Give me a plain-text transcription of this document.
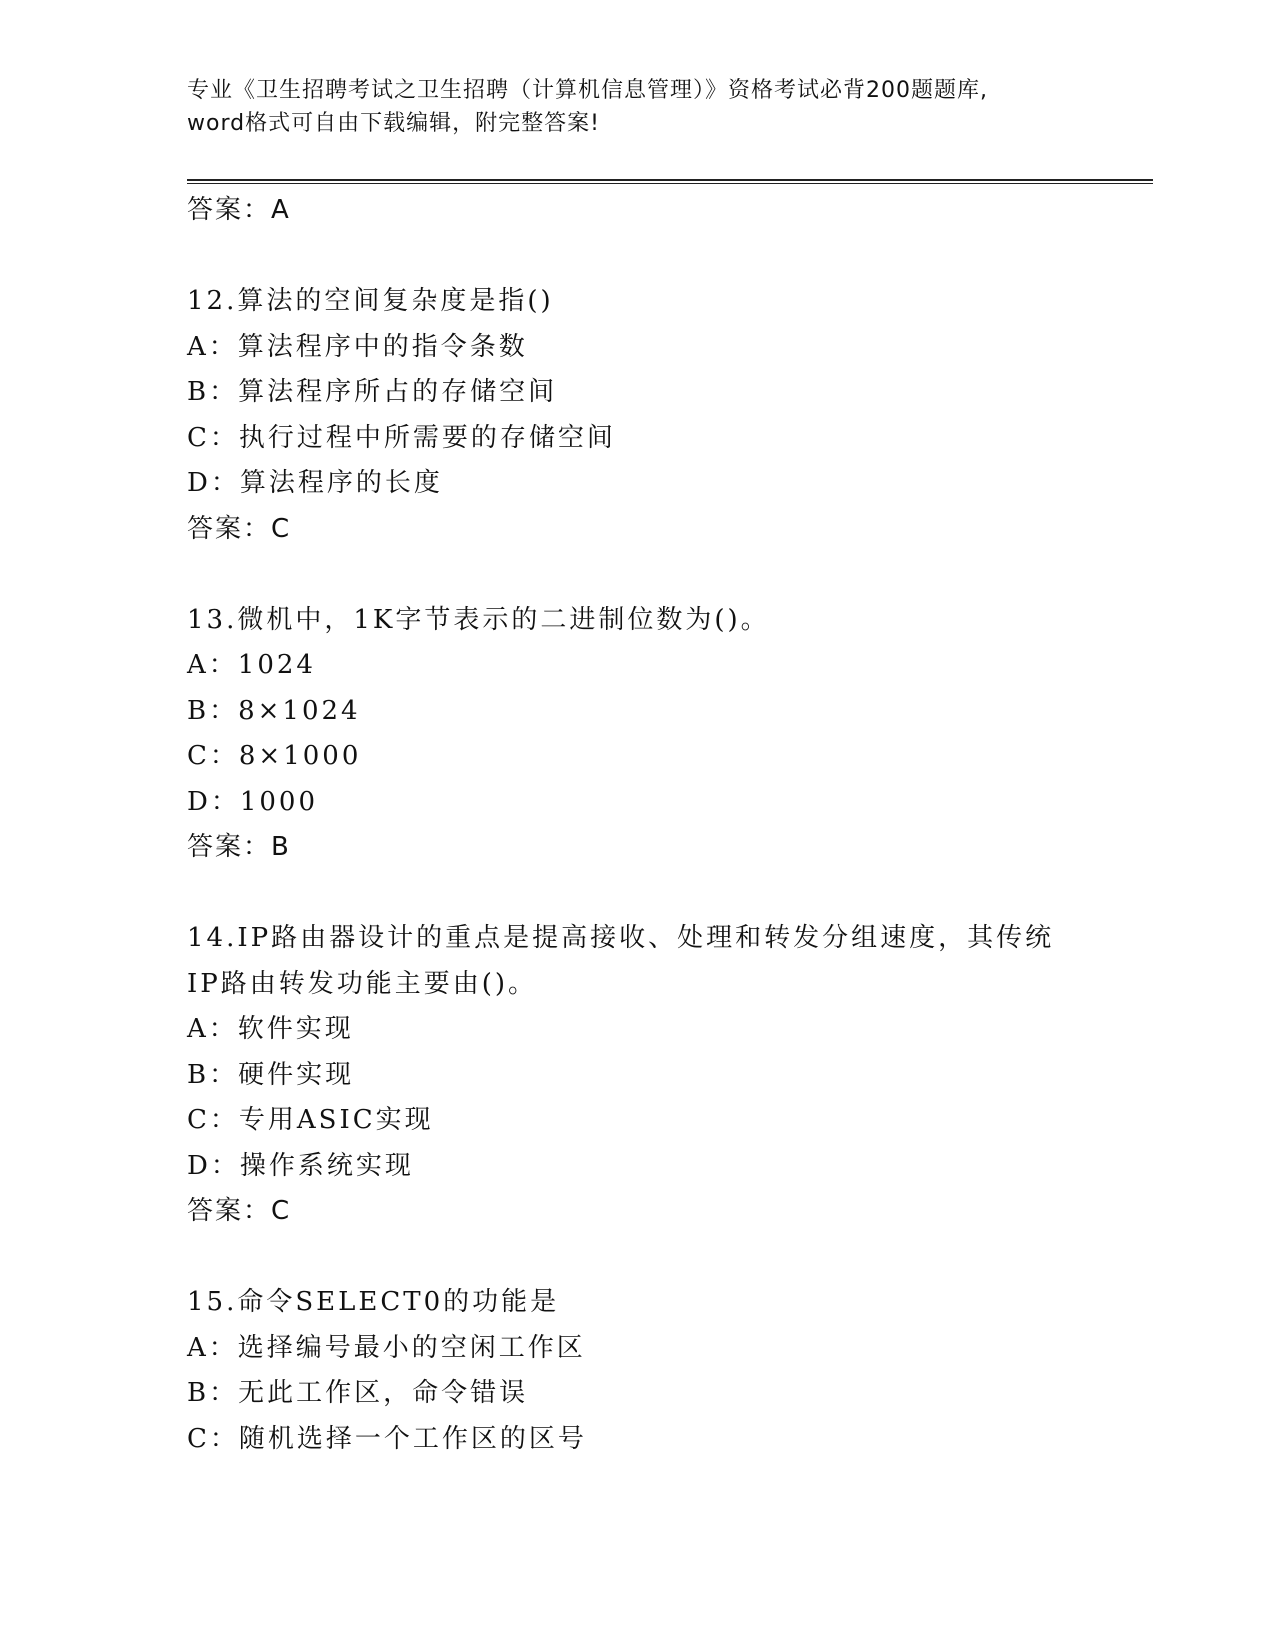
专业《卫生招聘考试之卫生招聘（计算机信息管理）》资格考试必背200题题库,
word格式可自由下载编辑，附完整答案!
答案：A
12.算法的空间复杂度是指()
A：算法程序中的指令条数
B：算法程序所占的存储空间
C：执行过程中所需要的存储空间
D：算法程序的长度
答案：C
13.微机中，1K字节表示的二进制位数为()。
A：1024
B：8×1024
C：8×1000
D：1000
答案：B
14.IP路由器设计的重点是提高接收、处理和转发分组速度，其传统
IP路由转发功能主要由()。
A：软件实现
B：硬件实现
C：专用ASIC实现
D：操作系统实现
答案：C
15.命令SELECT0的功能是
A：选择编号最小的空闲工作区
B：无此工作区，命令错误
C：随机选择一个工作区的区号
